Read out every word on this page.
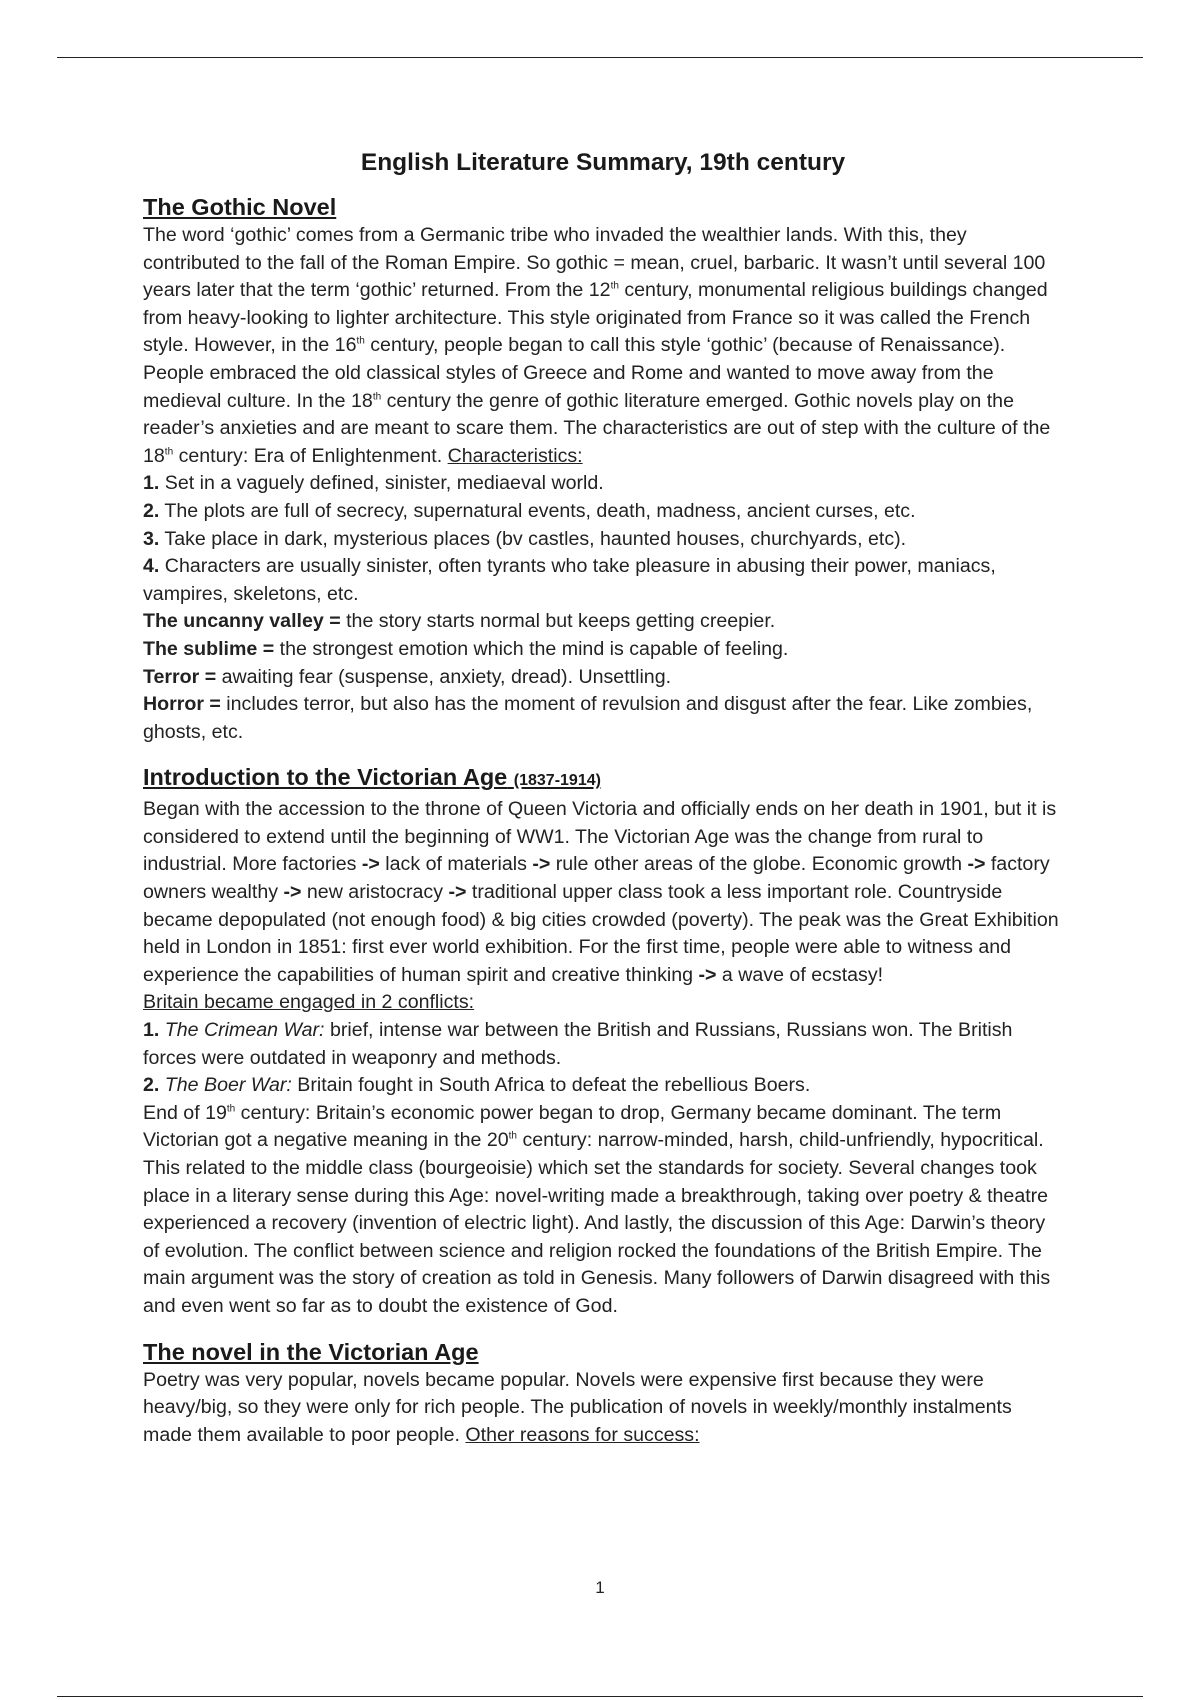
English Literature Summary, 19th century
The Gothic Novel

The word ‘gothic’ comes from a Germanic tribe who invaded the wealthier lands. With this, they contributed to the fall of the Roman Empire. So gothic = mean, cruel, barbaric. It wasn’t until several 100 years later that the term ‘gothic’ returned. From the 12th century, monumental religious buildings changed from heavy-looking to lighter architecture. This style originated from France so it was called the French style. However, in the 16th century, people began to call this style ‘gothic’ (because of Renaissance). People embraced the old classical styles of Greece and Rome and wanted to move away from the medieval culture. In the 18th century the genre of gothic literature emerged. Gothic novels play on the reader’s anxieties and are meant to scare them. The characteristics are out of step with the culture of the 18th century: Era of Enlightenment. Characteristics:

1. Set in a vaguely defined, sinister, mediaeval world.

2. The plots are full of secrecy, supernatural events, death, madness, ancient curses, etc.

3. Take place in dark, mysterious places (bv castles, haunted houses, churchyards, etc).

4. Characters are usually sinister, often tyrants who take pleasure in abusing their power, maniacs, vampires, skeletons, etc.

The uncanny valley = the story starts normal but keeps getting creepier.

The sublime = the strongest emotion which the mind is capable of feeling.

Terror = awaiting fear (suspense, anxiety, dread). Unsettling.

Horror = includes terror, but also has the moment of revulsion and disgust after the fear. Like zombies, ghosts, etc.

Introduction to the Victorian Age (1837-1914)

Began with the accession to the throne of Queen Victoria and officially ends on her death in 1901, but it is considered to extend until the beginning of WW1. The Victorian Age was the change from rural to industrial. More factories -> lack of materials -> rule other areas of the globe. Economic growth -> factory owners wealthy -> new aristocracy -> traditional upper class took a less important role. Countryside became depopulated (not enough food) & big cities crowded (poverty). The peak was the Great Exhibition held in London in 1851: first ever world exhibition. For the first time, people were able to witness and experience the capabilities of human spirit and creative thinking -> a wave of ecstasy!

Britain became engaged in 2 conflicts:

1. The Crimean War: brief, intense war between the British and Russians, Russians won. The British forces were outdated in weaponry and methods.

2. The Boer War: Britain fought in South Africa to defeat the rebellious Boers.

End of 19th century: Britain’s economic power began to drop, Germany became dominant. The term Victorian got a negative meaning in the 20th century: narrow-minded, harsh, child-unfriendly, hypocritical. This related to the middle class (bourgeoisie) which set the standards for society. Several changes took place in a literary sense during this Age: novel-writing made a breakthrough, taking over poetry & theatre experienced a recovery (invention of electric light). And lastly, the discussion of this Age: Darwin’s theory of evolution. The conflict between science and religion rocked the foundations of the British Empire. The main argument was the story of creation as told in Genesis. Many followers of Darwin disagreed with this and even went so far as to doubt the existence of God.

The novel in the Victorian Age

Poetry was very popular, novels became popular. Novels were expensive first because they were heavy/big, so they were only for rich people. The publication of novels in weekly/monthly instalments made them available to poor people. Other reasons for success:

1
